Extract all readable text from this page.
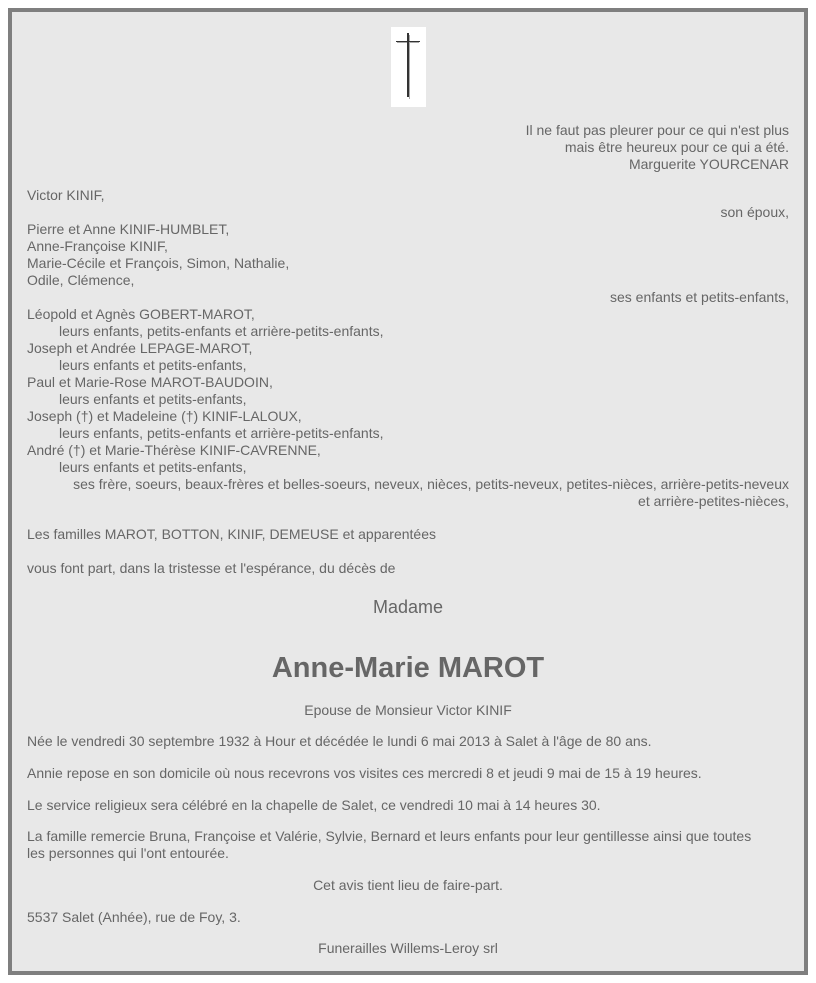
Il ne faut pas pleurer pour ce qui n'est plus
mais être heureux pour ce qui a été.
Marguerite YOURCENAR
Victor KINIF,
son époux,
Pierre et Anne KINIF-HUMBLET,
Anne-Françoise KINIF,
Marie-Cécile et François, Simon, Nathalie,
Odile, Clémence,
ses enfants et petits-enfants,
Léopold et Agnès GOBERT-MAROT,
leurs enfants, petits-enfants et arrière-petits-enfants,
Joseph et Andrée LEPAGE-MAROT,
leurs enfants et petits-enfants,
Paul et Marie-Rose MAROT-BAUDOIN,
leurs enfants et petits-enfants,
Joseph (†) et Madeleine (†) KINIF-LALOUX,
leurs enfants, petits-enfants et arrière-petits-enfants,
André (†) et Marie-Thérèse KINIF-CAVRENNE,
leurs enfants et petits-enfants,
ses frère, soeurs, beaux-frères et belles-soeurs, neveux, nièces, petits-neveux, petites-nièces, arrière-petits-neveux
et arrière-petites-nièces,
Les familles MAROT, BOTTON, KINIF, DEMEUSE et apparentées
vous font part, dans la tristesse et l'espérance, du décès de
Madame
Anne-Marie MAROT
Epouse de Monsieur Victor KINIF
Née le vendredi 30 septembre 1932 à Hour et décédée le lundi 6 mai 2013 à Salet à l'âge de 80 ans.
Annie repose en son domicile où nous recevrons vos visites ces mercredi 8 et jeudi 9 mai de 15 à 19 heures.
Le service religieux sera célébré en la chapelle de Salet, ce vendredi 10 mai à 14 heures 30.
La famille remercie Bruna, Françoise et Valérie, Sylvie, Bernard et leurs enfants pour leur gentillesse ainsi que toutes
les personnes qui l'ont entourée.
Cet avis tient lieu de faire-part.
5537 Salet (Anhée), rue de Foy, 3.
Funerailles Willems-Leroy srl
